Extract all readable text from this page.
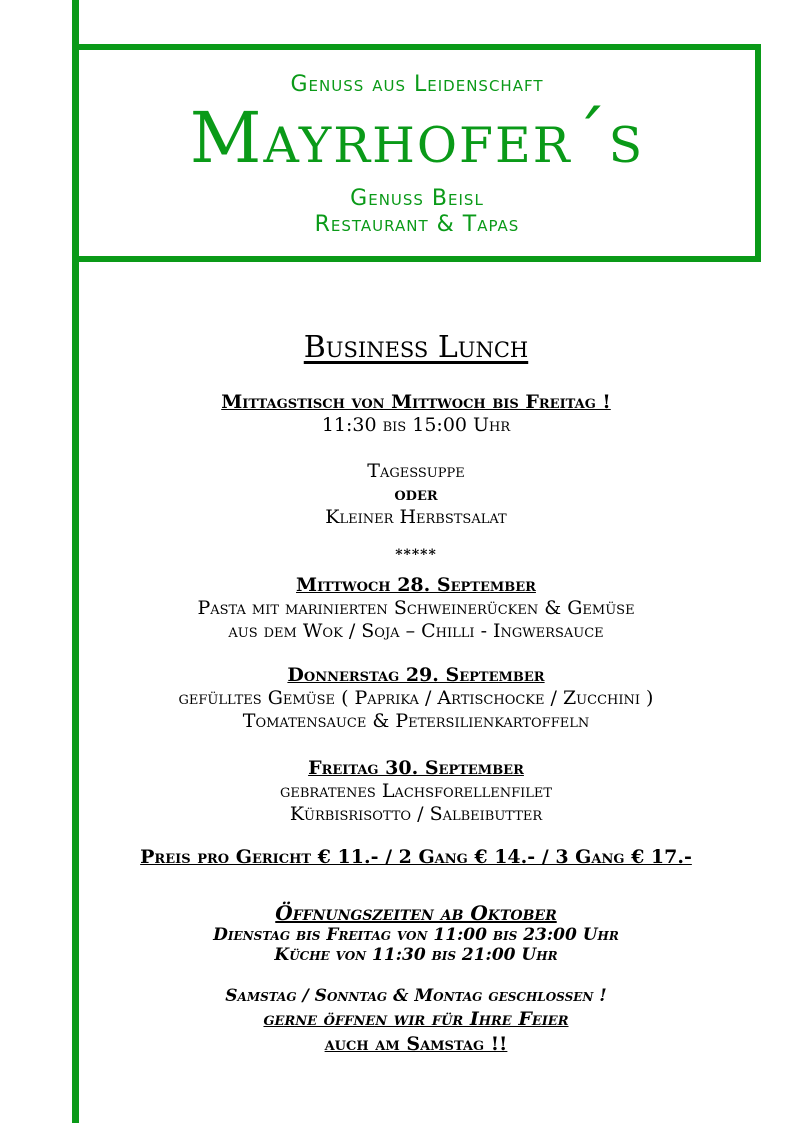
Genuss aus Leidenschaft
Mayrhofer´s
Genuss Beisl
Restaurant & Tapas
Business Lunch
Mittagstisch von Mittwoch bis Freitag !
11:30 bis 15:00 Uhr
Tagessuppe
oder
Kleiner Herbstsalat
*****
Mittwoch 28. September
Pasta mit marinierten Schweinerücken & Gemüse
aus dem Wok / Soja – Chilli - Ingwersauce
Donnerstag 29. September
gefülltes Gemüse ( Paprika / Artischocke / Zucchini )
Tomatensauce & Petersilienkartoffeln
Freitag 30. September
gebratenes Lachsforellenfilet
Kürbisrisotto / Salbeibutter
Preis pro Gericht € 11.- / 2 Gang € 14.- / 3 Gang € 17.-
Öffnungszeiten ab Oktober
Dienstag bis Freitag von 11:00 bis 23:00 Uhr
Küche von 11:30 bis 21:00 Uhr
Samstag / Sonntag & Montag geschlossen !
gerne öffnen wir für Ihre Feier
auch am Samstag !!
